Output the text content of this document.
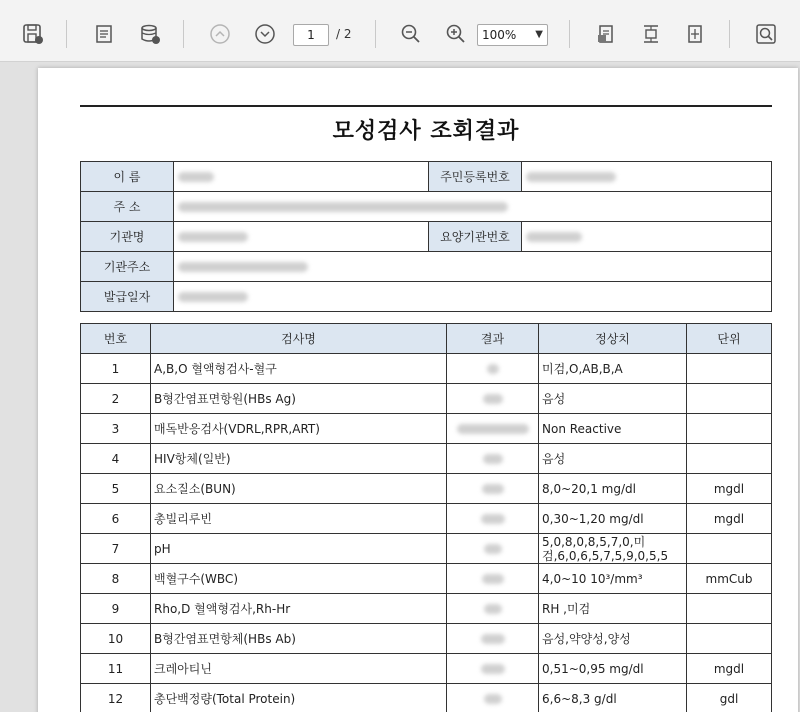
1	/ 2	100% ▼
모성검사 조회결과
이 름		주민등록번호	
주 소			
기관명		요양기관번호	
기관주소			
발급일자			
번호	검사명	결과	정상치	단위
1	A,B,O 혈액형검사-혈구		미검,O,AB,B,A	
2	B형간염표면항원(HBs Ag)		음성	
3	매독반응검사(VDRL,RPR,ART)		Non Reactive	
4	HIV항체(일반)		음성	
5	요소질소(BUN)		8,0~20,1 mg/dl	mgdl
6	총빌리루빈		0,30~1,20 mg/dl	mgdl
7	pH		5,0,8,0,8,5,7,0,미검,6,0,6,5,7,5,9,0,5,5	
8	백혈구수(WBC)		4,0~10 10³/mm³	mmCub
9	Rho,D 혈액형검사,Rh-Hr		RH ,미검	
10	B형간염표면항체(HBs Ab)		음성,약양성,양성	
11	크레아티닌		0,51~0,95 mg/dl	mgdl
12	총단백정량(Total Protein)		6,6~8,3 g/dl	gdl
